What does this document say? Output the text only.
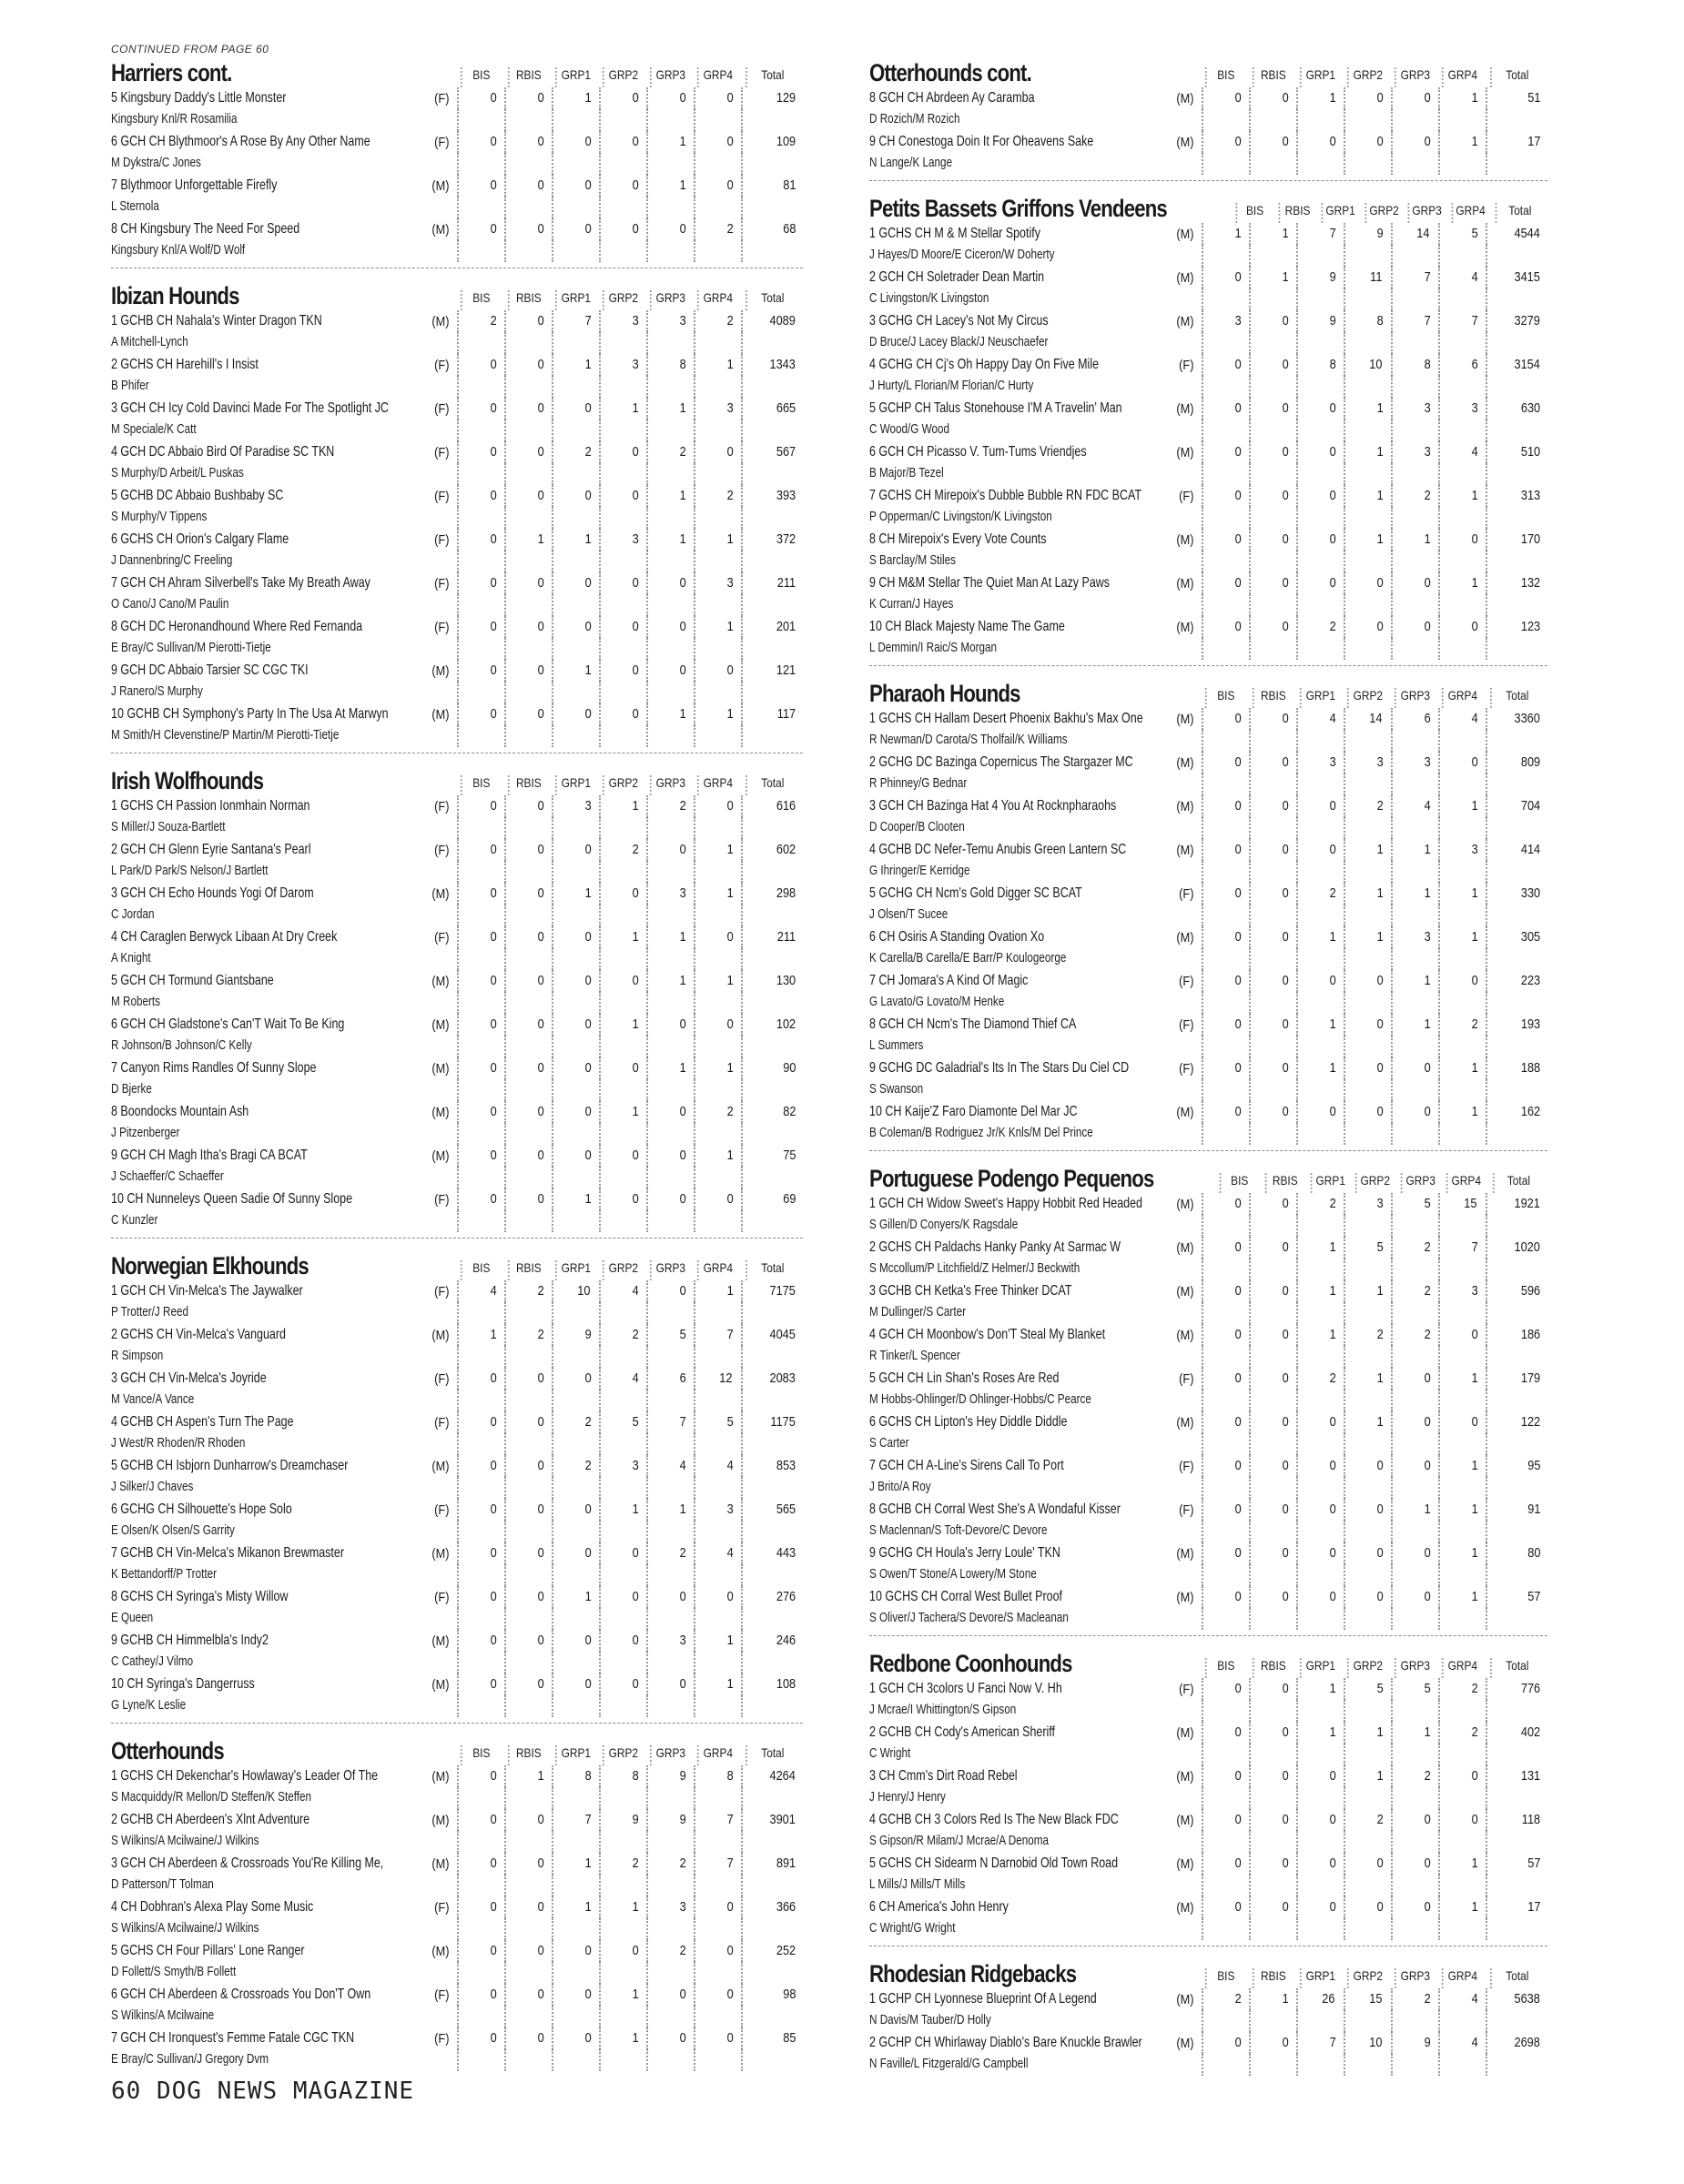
CONTINUED FROM PAGE 60
Harriers cont.	BIS	RBIS	GRP1	GRP2	GRP3	GRP4	Total
5 Kingsbury Daddy's Little Monster	(F)	0	0	1	0	0	0	129
Kingsbury Knl/R Rosamilia
6 GCH CH Blythmoor's A Rose By Any Other Name	(F)	0	0	0	0	1	0	109
M Dykstra/C Jones
7 Blythmoor Unforgettable Firefly	(M)	0	0	0	0	1	0	81
L Sternola
8 CH Kingsbury The Need For Speed	(M)	0	0	0	0	0	2	68
Kingsbury Knl/A Wolf/D Wolf
Ibizan Hounds	BIS	RBIS	GRP1	GRP2	GRP3	GRP4	Total
1 GCHB CH Nahala's Winter Dragon TKN	(M)	2	0	7	3	3	2	4089
A Mitchell-Lynch
2 GCHS CH Harehill's I Insist	(F)	0	0	1	3	8	1	1343
B Phifer
3 GCH CH Icy Cold Davinci Made For The Spotlight JC	(F)	0	0	0	1	1	3	665
M Speciale/K Catt
4 GCH DC Abbaio Bird Of Paradise SC TKN	(F)	0	0	2	0	2	0	567
S Murphy/D Arbeit/L Puskas
5 GCHB DC Abbaio Bushbaby SC	(F)	0	0	0	0	1	2	393
S Murphy/V Tippens
6 GCHS CH Orion's Calgary Flame	(F)	0	1	1	3	1	1	372
J Dannenbring/C Freeling
7 GCH CH Ahram Silverbell's Take My Breath Away	(F)	0	0	0	0	0	3	211
O Cano/J Cano/M Paulin
8 GCH DC Heronandhound Where Red Fernanda	(F)	0	0	0	0	0	1	201
E Bray/C Sullivan/M Pierotti-Tietje
9 GCH DC Abbaio Tarsier SC CGC TKI	(M)	0	0	1	0	0	0	121
J Ranero/S Murphy
10 GCHB CH Symphony's Party In The Usa At Marwyn	(M)	0	0	0	0	1	1	117
M Smith/H Clevenstine/P Martin/M Pierotti-Tietje
Irish Wolfhounds	BIS	RBIS	GRP1	GRP2	GRP3	GRP4	Total
1 GCHS CH Passion Ionmhain Norman	(F)	0	0	3	1	2	0	616
S Miller/J Souza-Bartlett
2 GCH CH Glenn Eyrie Santana's Pearl	(F)	0	0	0	2	0	1	602
L Park/D Park/S Nelson/J Bartlett
3 GCH CH Echo Hounds Yogi Of Darom	(M)	0	0	1	0	3	1	298
C Jordan
4 CH Caraglen Berwyck Libaan At Dry Creek	(F)	0	0	0	1	1	0	211
A Knight
5 GCH CH Tormund Giantsbane	(M)	0	0	0	0	1	1	130
M Roberts
6 GCH CH Gladstone's Can'T Wait To Be King	(M)	0	0	0	1	0	0	102
R Johnson/B Johnson/C Kelly
7 Canyon Rims Randles Of Sunny Slope	(M)	0	0	0	0	1	1	90
D Bjerke
8 Boondocks Mountain Ash	(M)	0	0	0	1	0	2	82
J Pitzenberger
9 GCH CH Magh Itha's Bragi CA BCAT	(M)	0	0	0	0	0	1	75
J Schaeffer/C Schaeffer
10 CH Nunneleys Queen Sadie Of Sunny Slope	(F)	0	0	1	0	0	0	69
C Kunzler
Norwegian Elkhounds	BIS	RBIS	GRP1	GRP2	GRP3	GRP4	Total
1 GCH CH Vin-Melca's The Jaywalker	(F)	4	2	10	4	0	1	7175
P Trotter/J Reed
2 GCHS CH Vin-Melca's Vanguard	(M)	1	2	9	2	5	7	4045
R Simpson
3 GCH CH Vin-Melca's Joyride	(F)	0	0	0	4	6	12	2083
M Vance/A Vance
4 GCHB CH Aspen's Turn The Page	(F)	0	0	2	5	7	5	1175
J West/R Rhoden/R Rhoden
5 GCHB CH Isbjorn Dunharrow's Dreamchaser	(M)	0	0	2	3	4	4	853
J Silker/J Chaves
6 GCHG CH Silhouette's Hope Solo	(F)	0	0	0	1	1	3	565
E Olsen/K Olsen/S Garrity
7 GCHB CH Vin-Melca's Mikanon Brewmaster	(M)	0	0	0	0	2	4	443
K Bettandorff/P Trotter
8 GCHS CH Syringa's Misty Willow	(F)	0	0	1	0	0	0	276
E Queen
9 GCHB CH Himmelbla's Indy2	(M)	0	0	0	0	3	1	246
C Cathey/J Vilmo
10 CH Syringa's Dangerruss	(M)	0	0	0	0	0	1	108
G Lyne/K Leslie
Otterhounds	BIS	RBIS	GRP1	GRP2	GRP3	GRP4	Total
1 GCHS CH Dekenchar's Howlaway's Leader Of The	(M)	0	1	8	8	9	8	4264
S Macquiddy/R Mellon/D Steffen/K Steffen
2 GCHB CH Aberdeen's Xlnt Adventure	(M)	0	0	7	9	9	7	3901
S Wilkins/A Mcilwaine/J Wilkins
3 GCH CH Aberdeen & Crossroads You'Re Killing Me,	(M)	0	0	1	2	2	7	891
D Patterson/T Tolman
4 CH Dobhran's Alexa Play Some Music	(F)	0	0	1	1	3	0	366
S Wilkins/A Mcilwaine/J Wilkins
5 GCHS CH Four Pillars' Lone Ranger	(M)	0	0	0	0	2	0	252
D Follett/S Smyth/B Follett
6 GCH CH Aberdeen & Crossroads You Don'T Own	(F)	0	0	0	1	0	0	98
S Wilkins/A Mcilwaine
7 GCH CH Ironquest's Femme Fatale CGC TKN	(F)	0	0	0	1	0	0	85
E Bray/C Sullivan/J Gregory Dvm
Otterhounds cont.	BIS	RBIS	GRP1	GRP2	GRP3	GRP4	Total
8 GCH CH Abrdeen Ay Caramba	(M)	0	0	1	0	0	1	51
D Rozich/M Rozich
9 CH Conestoga Doin It For Oheavens Sake	(M)	0	0	0	0	0	1	17
N Lange/K Lange
Petits Bassets Griffons Vendeens	BIS	RBIS	GRP1	GRP2	GRP3	GRP4	Total
1 GCHS CH M & M Stellar Spotify	(M)	1	1	7	9	14	5	4544
J Hayes/D Moore/E Ciceron/W Doherty
2 GCH CH Soletrader Dean Martin	(M)	0	1	9	11	7	4	3415
C Livingston/K Livingston
3 GCHG CH Lacey's Not My Circus	(M)	3	0	9	8	7	7	3279
D Bruce/J Lacey Black/J Neuschaefer
4 GCHG CH Cj's Oh Happy Day On Five Mile	(F)	0	0	8	10	8	6	3154
J Hurty/L Florian/M Florian/C Hurty
5 GCHP CH Talus Stonehouse I'M A Travelin' Man	(M)	0	0	0	1	3	3	630
C Wood/G Wood
6 GCH CH Picasso V. Tum-Tums Vriendjes	(M)	0	0	0	1	3	4	510
B Major/B Tezel
7 GCHS CH Mirepoix's Dubble Bubble RN FDC BCAT	(F)	0	0	0	1	2	1	313
P Opperman/C Livingston/K Livingston
8 CH Mirepoix's Every Vote Counts	(M)	0	0	0	1	1	0	170
S Barclay/M Stiles
9 CH M&M Stellar The Quiet Man At Lazy Paws	(M)	0	0	0	0	0	1	132
K Curran/J Hayes
10 CH Black Majesty Name The Game	(M)	0	0	2	0	0	0	123
L Demmin/I Raic/S Morgan
Pharaoh Hounds	BIS	RBIS	GRP1	GRP2	GRP3	GRP4	Total
1 GCHS CH Hallam Desert Phoenix Bakhu's Max One	(M)	0	0	4	14	6	4	3360
R Newman/D Carota/S Tholfail/K Williams
2 GCHG DC Bazinga Copernicus The Stargazer MC	(M)	0	0	3	3	3	0	809
R Phinney/G Bednar
3 GCH CH Bazinga Hat 4 You At Rocknpharaohs	(M)	0	0	0	2	4	1	704
D Cooper/B Clooten
4 GCHB DC Nefer-Temu Anubis Green Lantern SC	(M)	0	0	0	1	1	3	414
G Ihringer/E Kerridge
5 GCHG CH Ncm's Gold Digger SC BCAT	(F)	0	0	2	1	1	1	330
J Olsen/T Sucee
6 CH Osiris A Standing Ovation Xo	(M)	0	0	1	1	3	1	305
K Carella/B Carella/E Barr/P Koulogeorge
7 CH Jomara's A Kind Of Magic	(F)	0	0	0	0	1	0	223
G Lavato/G Lovato/M Henke
8 GCH CH Ncm's The Diamond Thief CA	(F)	0	0	1	0	1	2	193
L Summers
9 GCHG DC Galadrial's Its In The Stars Du Ciel CD	(F)	0	0	1	0	0	1	188
S Swanson
10 CH Kaije'Z Faro Diamonte Del Mar JC	(M)	0	0	0	0	0	1	162
B Coleman/B Rodriguez Jr/K Knls/M Del Prince
Portuguese Podengo Pequenos	BIS	RBIS	GRP1	GRP2	GRP3	GRP4	Total
1 GCH CH Widow Sweet's Happy Hobbit Red Headed	(M)	0	0	2	3	5	15	1921
S Gillen/D Conyers/K Ragsdale
2 GCHS CH Paldachs Hanky Panky At Sarmac W	(M)	0	0	1	5	2	7	1020
S Mccollum/P Litchfield/Z Helmer/J Beckwith
3 GCHB CH Ketka's Free Thinker DCAT	(M)	0	0	1	1	2	3	596
M Dullinger/S Carter
4 GCH CH Moonbow's Don'T Steal My Blanket	(M)	0	0	1	2	2	0	186
R Tinker/L Spencer
5 GCH CH Lin Shan's Roses Are Red	(F)	0	0	2	1	0	1	179
M Hobbs-Ohlinger/D Ohlinger-Hobbs/C Pearce
6 GCHS CH Lipton's Hey Diddle Diddle	(M)	0	0	0	1	0	0	122
S Carter
7 GCH CH A-Line's Sirens Call To Port	(F)	0	0	0	0	0	1	95
J Brito/A Roy
8 GCHB CH Corral West She's A Wondaful Kisser	(F)	0	0	0	0	1	1	91
S Maclennan/S Toft-Devore/C Devore
9 GCHG CH Houla's Jerry Loule' TKN	(M)	0	0	0	0	0	1	80
S Owen/T Stone/A Lowery/M Stone
10 GCHS CH Corral West Bullet Proof	(M)	0	0	0	0	0	1	57
S Oliver/J Tachera/S Devore/S Macleanan
Redbone Coonhounds	BIS	RBIS	GRP1	GRP2	GRP3	GRP4	Total
1 GCH CH 3colors U Fanci Now V. Hh	(F)	0	0	1	5	5	2	776
J Mcrae/I Whittington/S Gipson
2 GCHB CH Cody's American Sheriff	(M)	0	0	1	1	1	2	402
C Wright
3 CH Cmm's Dirt Road Rebel	(M)	0	0	0	1	2	0	131
J Henry/J Henry
4 GCHB CH 3 Colors Red Is The New Black FDC	(M)	0	0	0	2	0	0	118
S Gipson/R Milam/J Mcrae/A Denoma
5 GCHS CH Sidearm N Darnobid Old Town Road	(M)	0	0	0	0	0	1	57
L Mills/J Mills/T Mills
6 CH America's John Henry	(M)	0	0	0	0	0	1	17
C Wright/G Wright
Rhodesian Ridgebacks	BIS	RBIS	GRP1	GRP2	GRP3	GRP4	Total
1 GCHP CH Lyonnese Blueprint Of A Legend	(M)	2	1	26	15	2	4	5638
N Davis/M Tauber/D Holly
2 GCHP CH Whirlaway Diablo's Bare Knuckle Brawler	(M)	0	0	7	10	9	4	2698
N Faville/L Fitzgerald/G Campbell
60 DOG NEWS MAGAZINE
